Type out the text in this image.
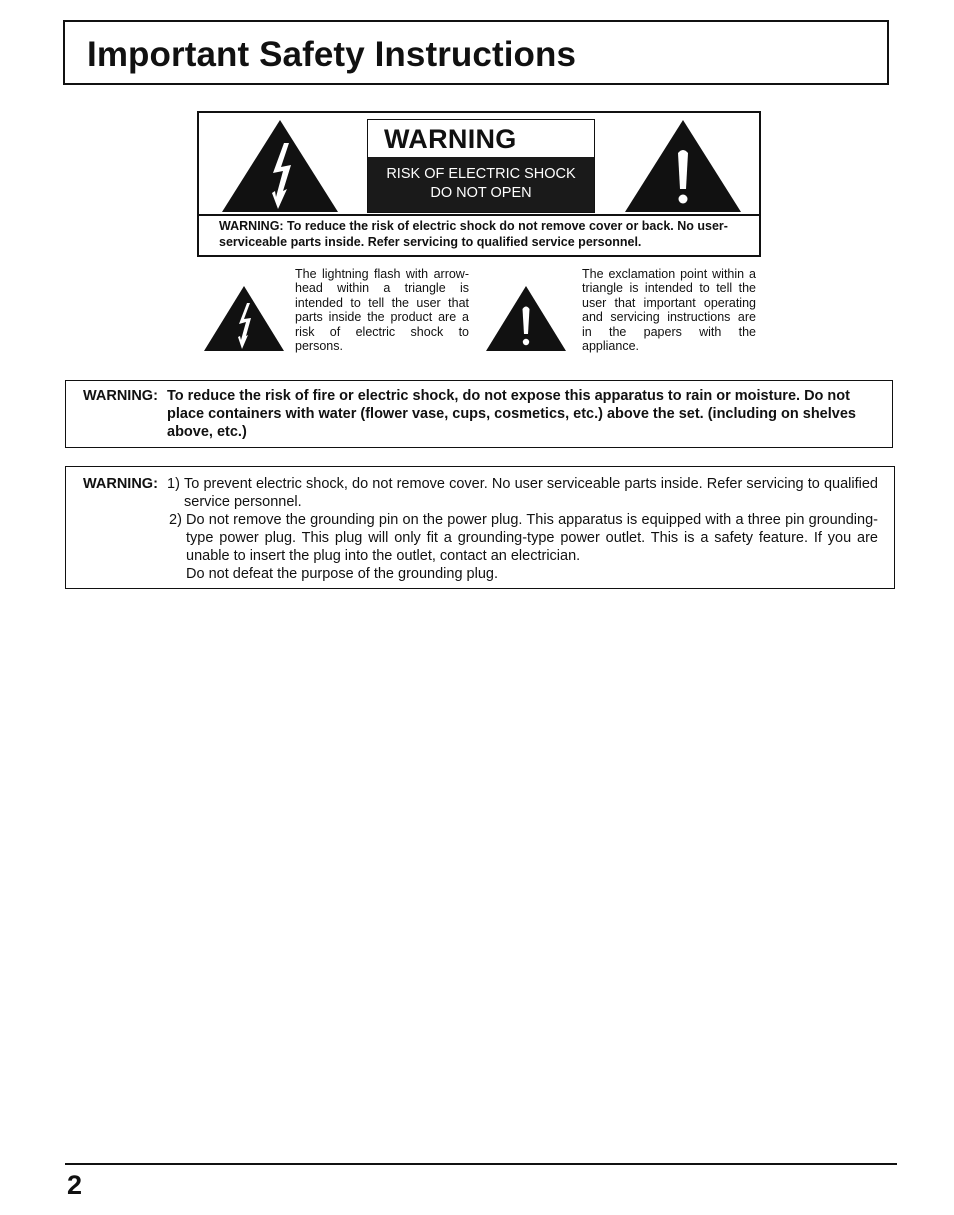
Important Safety Instructions
WARNING
RISK OF ELECTRIC SHOCK
DO NOT OPEN
WARNING: To reduce the risk of electric shock do not remove cover or back. No user-serviceable parts inside. Refer servicing to qualified service personnel.
The lightning flash with arrow-head within a triangle is intended to tell the user that parts inside the product are a risk of electric shock to persons.
The exclamation point within a triangle is intended to tell the user that important operating and servicing instructions are in the papers with the appliance.
WARNING: To reduce the risk of fire or electric shock, do not expose this apparatus to rain or moisture. Do not place containers with water (flower vase, cups, cosmetics, etc.) above the set. (including on shelves above, etc.)
WARNING: 1) To prevent electric shock, do not remove cover. No user serviceable parts inside. Refer servicing to qualified service personnel.
2) Do not remove the grounding pin on the power plug. This apparatus is equipped with a three pin grounding-type power plug. This plug will only fit a grounding-type power outlet. This is a safety feature. If you are unable to insert the plug into the outlet, contact an electrician.
Do not defeat the purpose of the grounding plug.
2
